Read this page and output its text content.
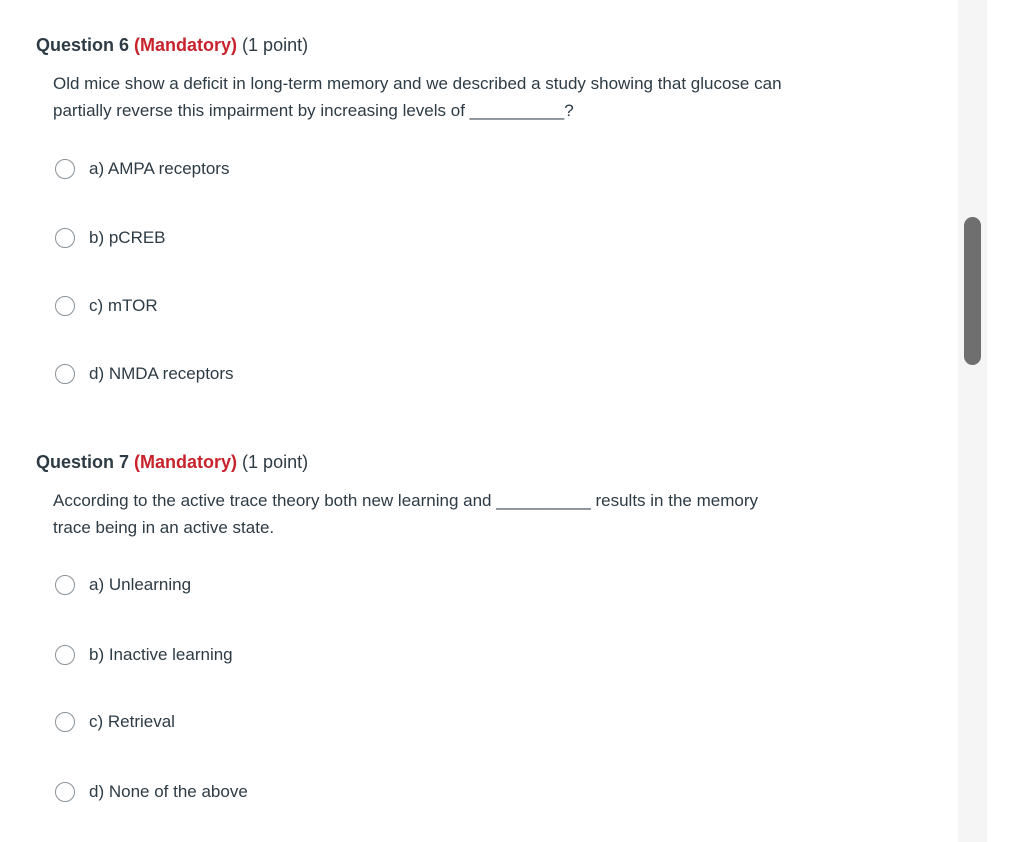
Question 6 (Mandatory) (1 point)
Old mice show a deficit in long-term memory and we described a study showing that glucose can partially reverse this impairment by increasing levels of __________?
a) AMPA receptors
b) pCREB
c) mTOR
d) NMDA receptors
Question 7 (Mandatory) (1 point)
According to the active trace theory both new learning and __________ results in the memory trace being in an active state.
a) Unlearning
b) Inactive learning
c) Retrieval
d) None of the above
